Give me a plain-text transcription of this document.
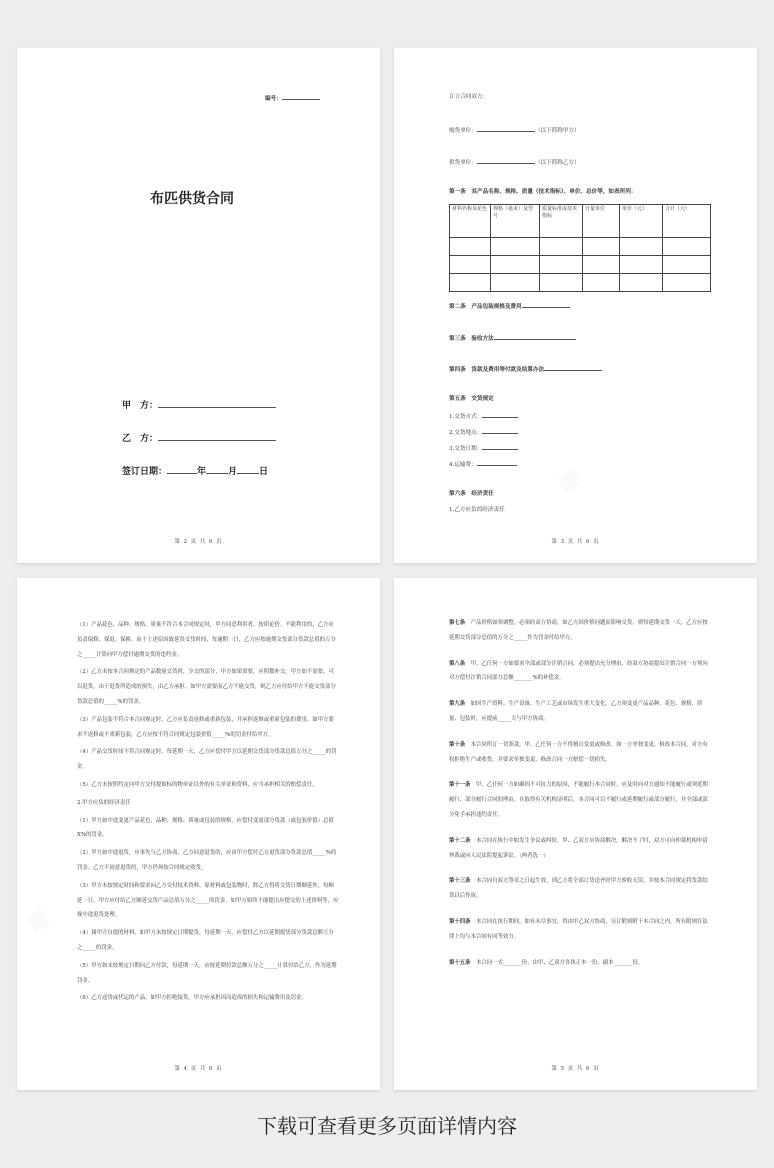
编号：
布匹供货合同
甲　方：
乙　方：
签订日期：	年 月 日
第 2 页 共 6 页
订立合同双方：
购货单位：	（以下简称甲方）
供货单位：	（以下简称乙方）
第一条　其产品名称、规格、质量（技术指标）、单价、总价等，如表所列：
材料名称及花色	规格（毫米）及型号	质量标准或技术指标	计量单位	单价（元）	合计（元）

第二条　产品包装规格及费用
第三条　验收方法
第四条　货款及费用等付款及结算办法
第五条　交货规定
1.交货方式：
2.交货地点：
3.交货日期：
4.运输费：
第六条　经济责任
1.乙方应负的经济责任
第 3 页 共 6 页

（1）产品花色、品种、规格、质量不符合本合同规定时，甲方同意利用者，按质论价。不能利用的，乙方应负责保修、保退、保换。由于上述原因致延误交货时间，每逾期一日，乙方应按逾期交货部分货款总值的万分之_____计算向甲方偿付逾期交货的违约金。

（2）乙方未按本合同规定的产品数量交货时，少交的部分，甲方如果需要，应照数补交。甲方如不需要，可以退货。由于退货所造成的损失，由乙方承担。如甲方需要而乙方不能交货，则乙方应付给甲方不能交货部分货款总值的_____%的罚金。

（3）产品包装不符合本合同规定时，乙方应负责返修或重新包装，并承担返修或重新包装的费用。如甲方要求不返修或不重新包装，乙方应按不符合同规定包装价值_____%的罚金付给甲方。

（4）产品交货时间不符合同规定时，每延期一天，乙方应偿付甲方以延期交货部分货款总值万分之_____的罚金。

（5）乙方未按照约定向甲方交付提取标的物单证以外的有关单证和资料，应当承担相关的赔偿责任。

2.甲方应负的经济责任

（1）甲方如中途变更产品花色、品种、规格、质量或包装的规格，应偿付变更部分货款（或包装价值）总值 X%的罚金。

（2）甲方如中途退货，应事先与乙方协商，乙方同意退货的，应由甲方偿付乙方退货部分货款总值_____%的罚金。乙方不同意退货的，甲方仍须按合同规定收货。

（3）甲方未按规定时间和要求向乙方交付技术资料、原材料或包装物时，除乙方得将交货日期顺延外，每顺延一日，甲方应付给乙方顺延交货产品总值万分之_____的罚金。如甲方始终不能提出应提交的上述资料等，应视中途退货处理。

（4）属甲方自提的材料，如甲方未按规定日期提货，每延期一天，应偿付乙方以延期提货部分货款总额万分之_____的罚金。

（5）甲方如未按规定日期向乙方付款，每延期一天，应按延期付款总额万分之_____计算付给乙方，作为延期罚金。

（6）乙方送货或代运的产品，如甲方拒绝接货，甲方应承担因而造成的损失和运输费用及罚金。

第 4 页 共 6 页

第七条　 产品价格如须调整，必须经双方协商，如乙方因价格问题而影响交货，则每延期交货一天，乙方应按延期交货部分总值的万分之_____作为罚金付给甲方。

第八条　 甲、乙任何一方如要求全部或部分注销合同，必须提出充分理由，经双方协商提出注销合同一方须向对方偿付注销合同部分总额_______%的补偿金。

第九条　 如因生产资料、生产设备、生产工艺或市场发生重大变化，乙方须变更产品品种、花色、规格、质量、包装时，应提前_____天与甲方协商。

第十条　 本合同所订一切条款，甲、乙任何一方不得擅自变更或修改。如一方单独变更、修改本合同，对方有权拒绝生产或收货，并要求单独变更、修改合同一方赔偿一切损失。

第十一条　 甲、乙任何一方如确因不可抗力的原因，不能履行本合同时，应及时向对方通知不能履行或须延期履行、部分履行合同的理由。在取得有关机构证明后，本合同可以不履行或延期履行或部分履行，并全部或部分免予承担违约责任。

第十二条　 本合同在执行中如发生争议或纠纷，甲、乙双方应协商解决，解决不了时，双方可向仲裁机构申请仲裁或向人民法院提起诉讼。（两者选一）

第十三条　 本合同自双方签章之日起生效，到乙方将全部订货送齐经甲方验收无误，并按本合同规定将货款结算以后作废。

第十四条　 本合同在执行期间，如有未尽事宜，得由甲乙双方协商，另订附则附于本合同之内，所有附则在法律上均与本合同有同等效力。

第十五条　 本合同一式_______份，由甲、乙双方各执正本一份、副本_______份。

第 5 页 共 6 页
下载可查看更多页面详情内容
